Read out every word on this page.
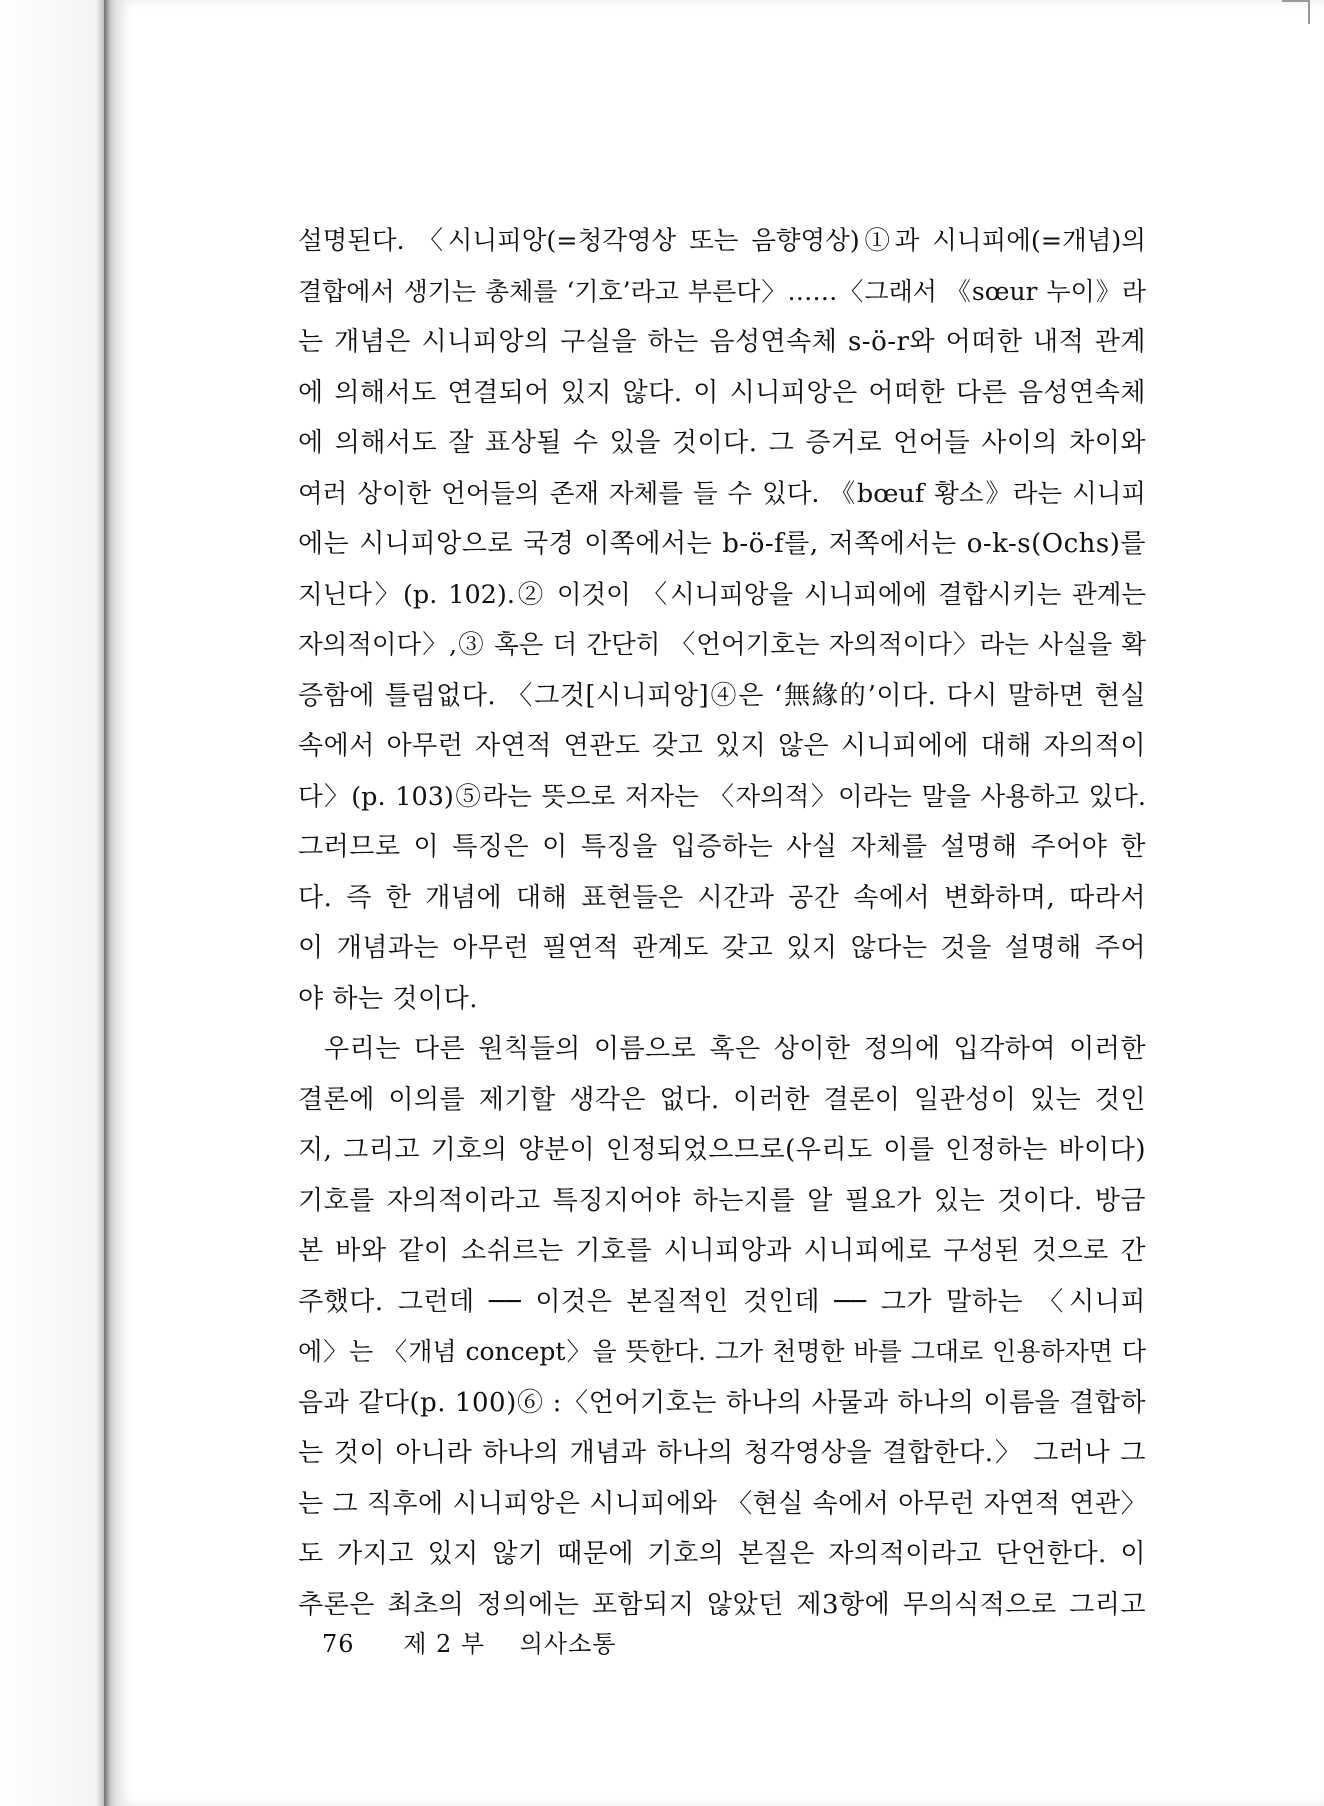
설명된다. 〈시니피앙(=청각영상 또는 음향영상)①과 시니피에(=개념)의
결합에서 생기는 총체를 ‘기호’라고 부른다〉……〈그래서 《sœur 누이》라
는 개념은 시니피앙의 구실을 하는 음성연속체 s-ö-r와 어떠한 내적 관계
에 의해서도 연결되어 있지 않다. 이 시니피앙은 어떠한 다른 음성연속체
에 의해서도 잘 표상될 수 있을 것이다. 그 증거로 언어들 사이의 차이와
여러 상이한 언어들의 존재 자체를 들 수 있다. 《bœuf 황소》라는 시니피
에는 시니피앙으로 국경 이쪽에서는 b-ö-f를, 저쪽에서는 o-k-s(Ochs)를
지닌다〉(p. 102).② 이것이 〈시니피앙을 시니피에에 결합시키는 관계는
자의적이다〉,③ 혹은 더 간단히 〈언어기호는 자의적이다〉라는 사실을 확
증함에 틀림없다. 〈그것[시니피앙]④은 ‘無緣的’이다. 다시 말하면 현실
속에서 아무런 자연적 연관도 갖고 있지 않은 시니피에에 대해 자의적이
다〉(p. 103)⑤라는 뜻으로 저자는 〈자의적〉이라는 말을 사용하고 있다.
그러므로 이 특징은 이 특징을 입증하는 사실 자체를 설명해 주어야 한
다. 즉 한 개념에 대해 표현들은 시간과 공간 속에서 변화하며, 따라서
이 개념과는 아무런 필연적 관계도 갖고 있지 않다는 것을 설명해 주어
야 하는 것이다.
우리는 다른 원칙들의 이름으로 혹은 상이한 정의에 입각하여 이러한
결론에 이의를 제기할 생각은 없다. 이러한 결론이 일관성이 있는 것인
지, 그리고 기호의 양분이 인정되었으므로(우리도 이를 인정하는 바이다)
기호를 자의적이라고 특징지어야 하는지를 알 필요가 있는 것이다. 방금
본 바와 같이 소쉬르는 기호를 시니피앙과 시니피에로 구성된 것으로 간
주했다. 그런데 ── 이것은 본질적인 것인데 ── 그가 말하는 〈시니피
에〉는 〈개념 concept〉을 뜻한다. 그가 천명한 바를 그대로 인용하자면 다
음과 같다(p. 100)⑥ :〈언어기호는 하나의 사물과 하나의 이름을 결합하
는 것이 아니라 하나의 개념과 하나의 청각영상을 결합한다.〉 그러나 그
는 그 직후에 시니피앙은 시니피에와 〈현실 속에서 아무런 자연적 연관〉
도 가지고 있지 않기 때문에 기호의 본질은 자의적이라고 단언한다. 이
추론은 최초의 정의에는 포함되지 않았던 제3항에 무의식적으로 그리고
76 제 2 부 의사소통
